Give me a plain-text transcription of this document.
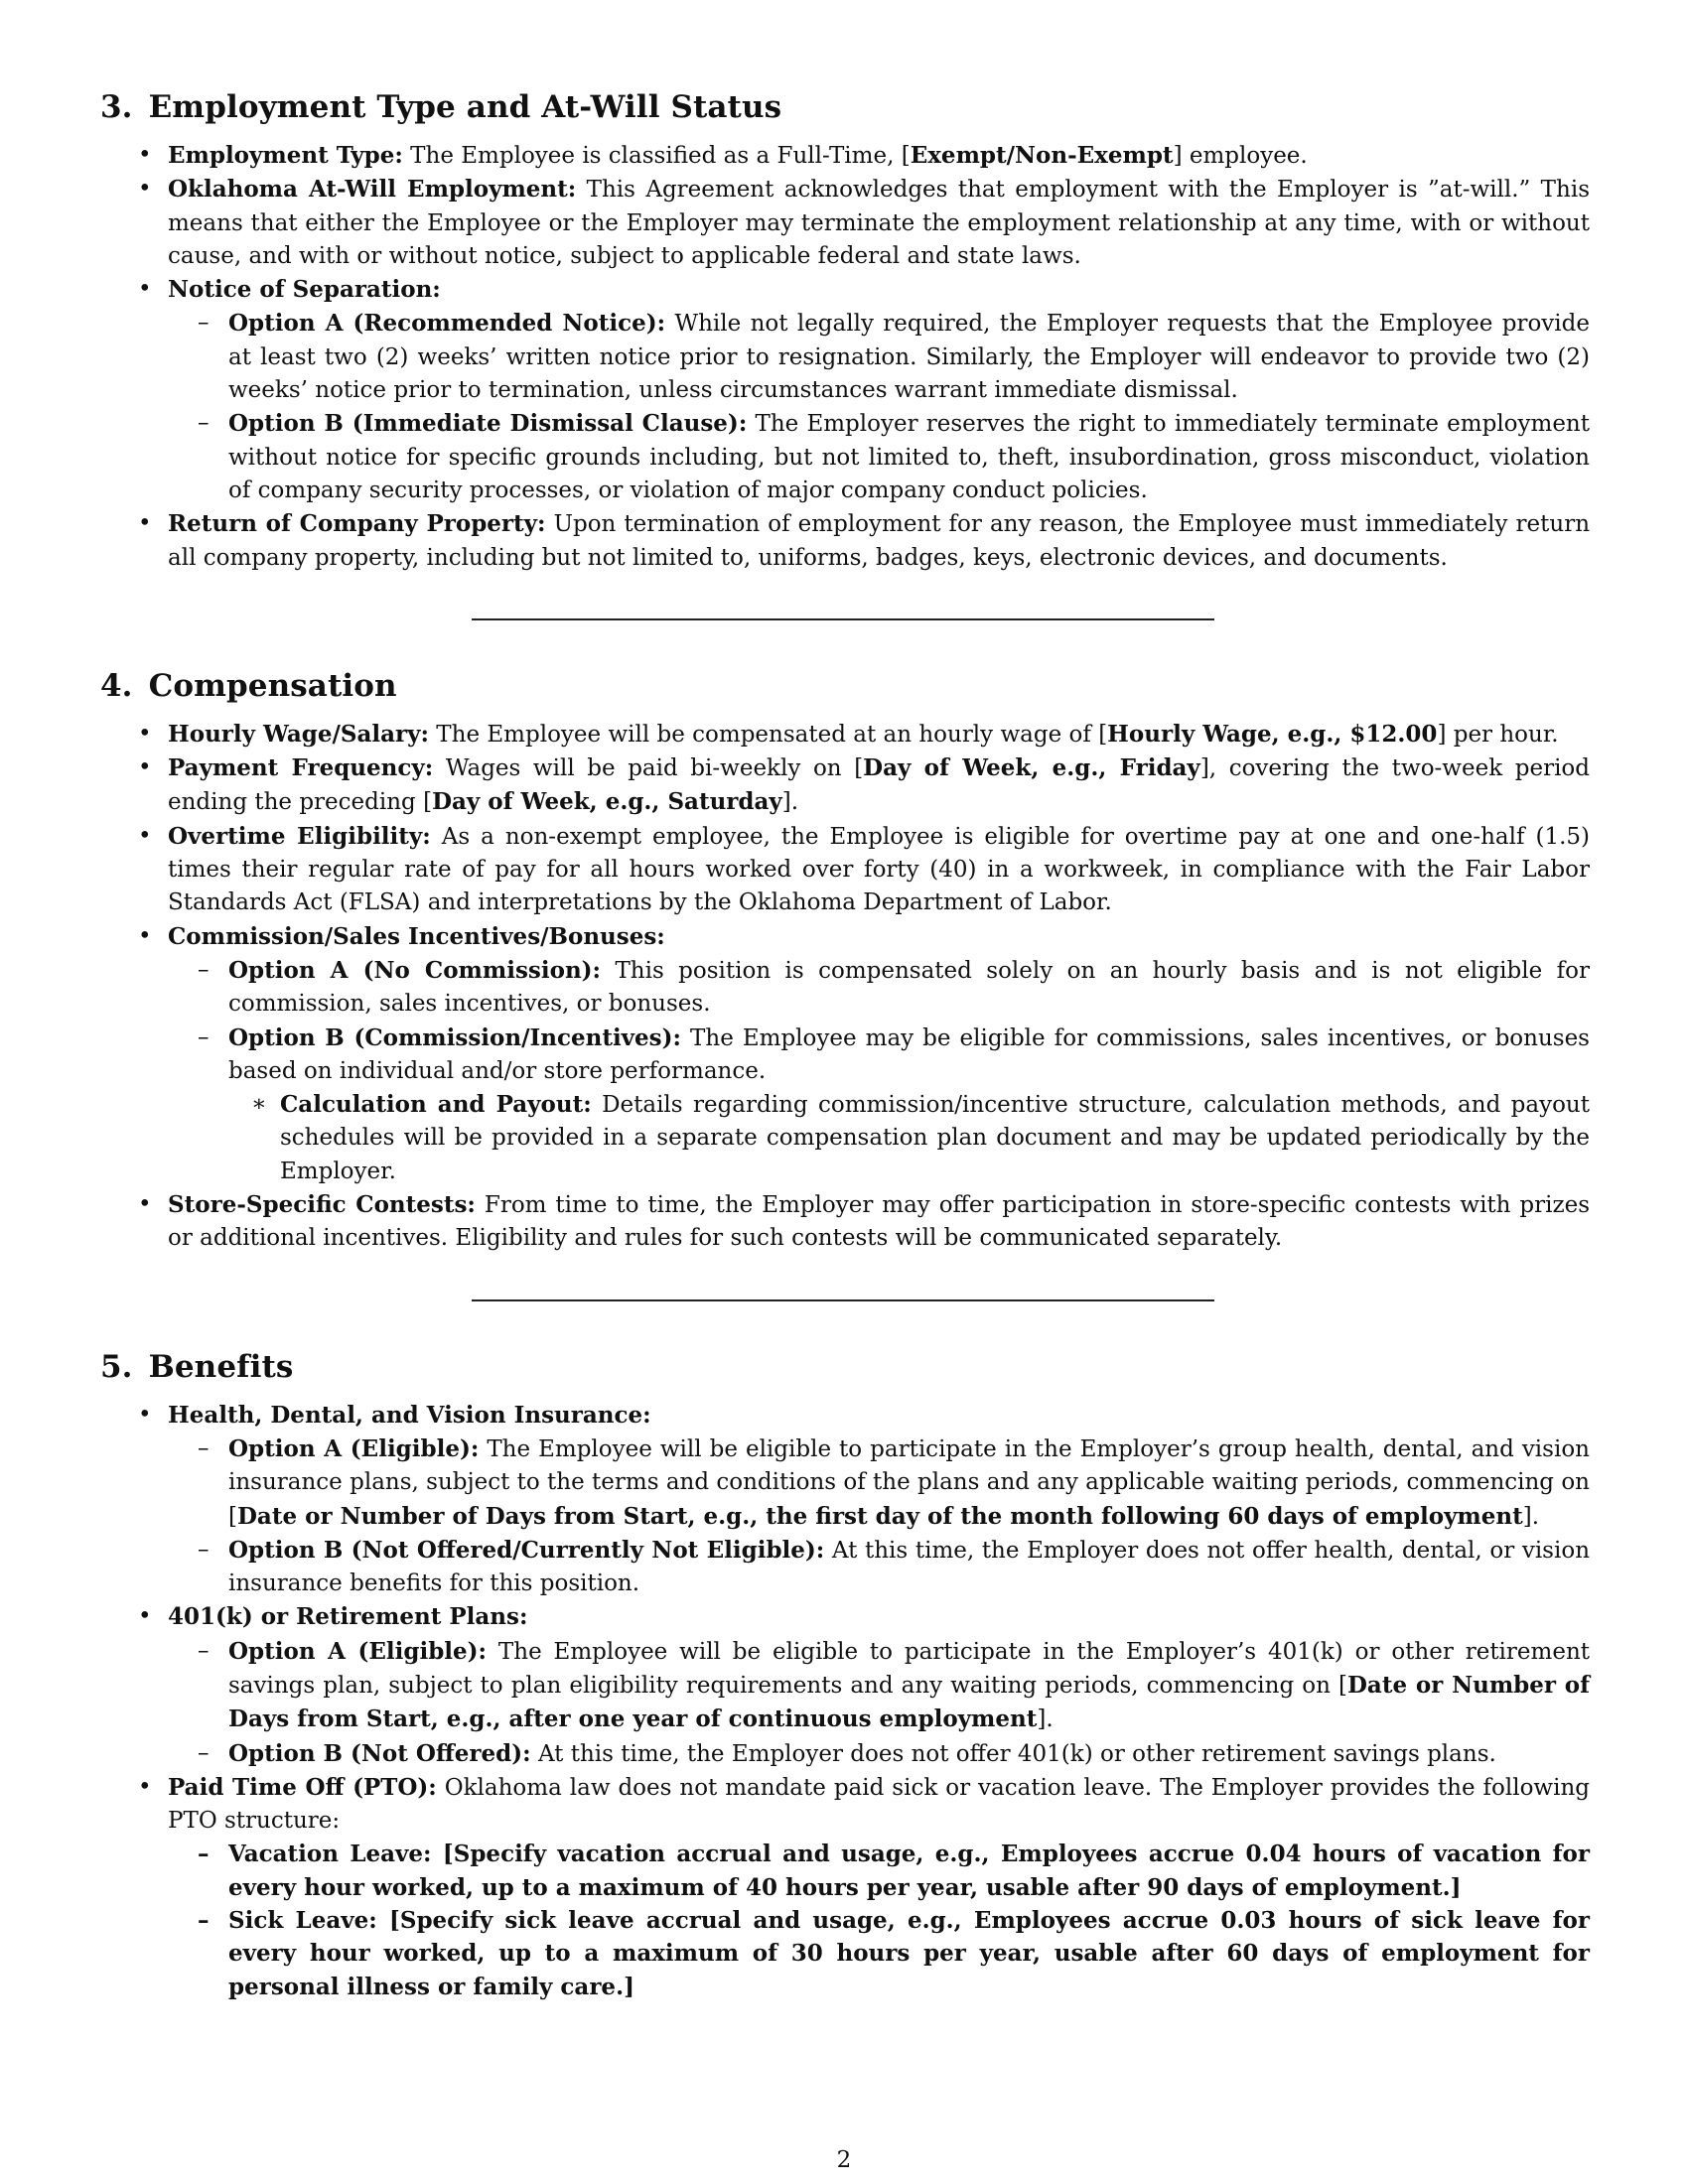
3. Employment Type and At-Will Status
• Employment Type: The Employee is classified as a Full-Time, [Exempt/Non-Exempt] employee.
• Oklahoma At-Will Employment: This Agreement acknowledges that employment with the Employer is ”at-will.” This means that either the Employee or the Employer may terminate the employment relationship at any time, with or without cause, and with or without notice, subject to applicable federal and state laws.
• Notice of Separation:
– Option A (Recommended Notice): While not legally required, the Employer requests that the Employee provide at least two (2) weeks’ written notice prior to resignation. Similarly, the Employer will endeavor to provide two (2) weeks’ notice prior to termination, unless circumstances warrant immediate dismissal.
– Option B (Immediate Dismissal Clause): The Employer reserves the right to immediately terminate employment without notice for specific grounds including, but not limited to, theft, insubordination, gross misconduct, violation of company security processes, or violation of major company conduct policies.
• Return of Company Property: Upon termination of employment for any reason, the Employee must immediately return all company property, including but not limited to, uniforms, badges, keys, electronic devices, and documents.
4. Compensation
• Hourly Wage/Salary: The Employee will be compensated at an hourly wage of [Hourly Wage, e.g., $12.00] per hour.
• Payment Frequency: Wages will be paid bi-weekly on [Day of Week, e.g., Friday], covering the two-week period ending the preceding [Day of Week, e.g., Saturday].
• Overtime Eligibility: As a non-exempt employee, the Employee is eligible for overtime pay at one and one-half (1.5) times their regular rate of pay for all hours worked over forty (40) in a workweek, in compliance with the Fair Labor Standards Act (FLSA) and interpretations by the Oklahoma Department of Labor.
• Commission/Sales Incentives/Bonuses:
– Option A (No Commission): This position is compensated solely on an hourly basis and is not eligible for commission, sales incentives, or bonuses.
– Option B (Commission/Incentives): The Employee may be eligible for commissions, sales incentives, or bonuses based on individual and/or store performance.
∗ Calculation and Payout: Details regarding commission/incentive structure, calculation methods, and payout schedules will be provided in a separate compensation plan document and may be updated periodically by the Employer.
• Store-Specific Contests: From time to time, the Employer may offer participation in store-specific contests with prizes or additional incentives. Eligibility and rules for such contests will be communicated separately.
5. Benefits
• Health, Dental, and Vision Insurance:
– Option A (Eligible): The Employee will be eligible to participate in the Employer’s group health, dental, and vision insurance plans, subject to the terms and conditions of the plans and any applicable waiting periods, commencing on [Date or Number of Days from Start, e.g., the first day of the month following 60 days of employment].
– Option B (Not Offered/Currently Not Eligible): At this time, the Employer does not offer health, dental, or vision insurance benefits for this position.
• 401(k) or Retirement Plans:
– Option A (Eligible): The Employee will be eligible to participate in the Employer’s 401(k) or other retirement savings plan, subject to plan eligibility requirements and any waiting periods, commencing on [Date or Number of Days from Start, e.g., after one year of continuous employment].
– Option B (Not Offered): At this time, the Employer does not offer 401(k) or other retirement savings plans.
• Paid Time Off (PTO): Oklahoma law does not mandate paid sick or vacation leave. The Employer provides the following PTO structure:
– Vacation Leave: [Specify vacation accrual and usage, e.g., Employees accrue 0.04 hours of vacation for every hour worked, up to a maximum of 40 hours per year, usable after 90 days of employment.]
– Sick Leave: [Specify sick leave accrual and usage, e.g., Employees accrue 0.03 hours of sick leave for every hour worked, up to a maximum of 30 hours per year, usable after 60 days of employment for personal illness or family care.]
2
